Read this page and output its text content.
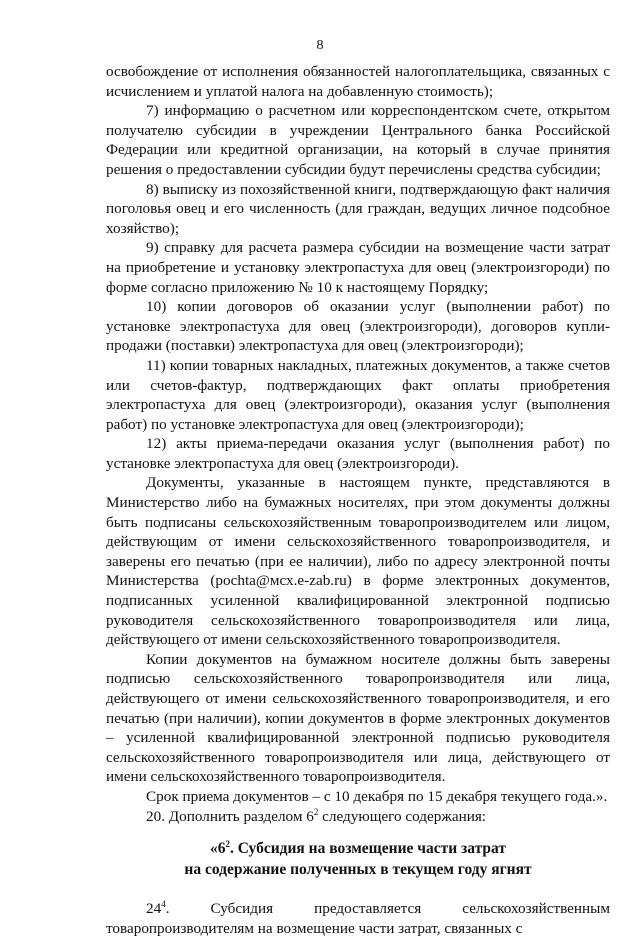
8

освобождение от исполнения обязанностей налогоплательщика, связанных с исчислением и уплатой налога на добавленную стоимость);

7) информацию о расчетном или корреспондентском счете, открытом получателю субсидии в учреждении Центрального банка Российской Федерации или кредитной организации, на который в случае принятия решения о предоставлении субсидии будут перечислены средства субсидии;

8) выписку из похозяйственной книги, подтверждающую факт наличия поголовья овец и его численность (для граждан, ведущих личное подсобное хозяйство);

9) справку для расчета размера субсидии на возмещение части затрат на приобретение и установку электропастуха для овец (электроизгороди) по форме согласно приложению № 10 к настоящему Порядку;

10) копии договоров об оказании услуг (выполнении работ) по установке электропастуха для овец (электроизгороди), договоров купли-продажи (поставки) электропастуха для овец (электроизгороди);

11) копии товарных накладных, платежных документов, а также счетов или счетов-фактур, подтверждающих факт оплаты приобретения электропастуха для овец (электроизгороди), оказания услуг (выполнения работ) по установке электропастуха для овец (электроизгороди);

12) акты приема-передачи оказания услуг (выполнения работ) по установке электропастуха для овец (электроизгороди).

Документы, указанные в настоящем пункте, представляются в Министерство либо на бумажных носителях, при этом документы должны быть подписаны сельскохозяйственным товаропроизводителем или лицом, действующим от имени сельскохозяйственного товаропроизводителя, и заверены его печатью (при ее наличии), либо по адресу электронной почты Министерства (pochta@мсх.e-zab.ru) в форме электронных документов, подписанных усиленной квалифицированной электронной подписью руководителя сельскохозяйственного товаропроизводителя или лица, действующего от имени сельскохозяйственного товаропроизводителя.

Копии документов на бумажном носителе должны быть заверены подписью сельскохозяйственного товаропроизводителя или лица, действующего от имени сельскохозяйственного товаропроизводителя, и его печатью (при наличии), копии документов в форме электронных документов – усиленной квалифицированной электронной подписью руководителя сельскохозяйственного товаропроизводителя или лица, действующего от имени сельскохозяйственного товаропроизводителя.

Срок приема документов – с 10 декабря по 15 декабря текущего года.».

20. Дополнить разделом $6^2$ следующего содержания:

«$6^2$. Субсидия на возмещение части затрат
на содержание полученных в текущем году ягнят

$24^4$. Субсидия предоставляется сельскохозяйственным товаропроизводителям на возмещение части затрат, связанных с
